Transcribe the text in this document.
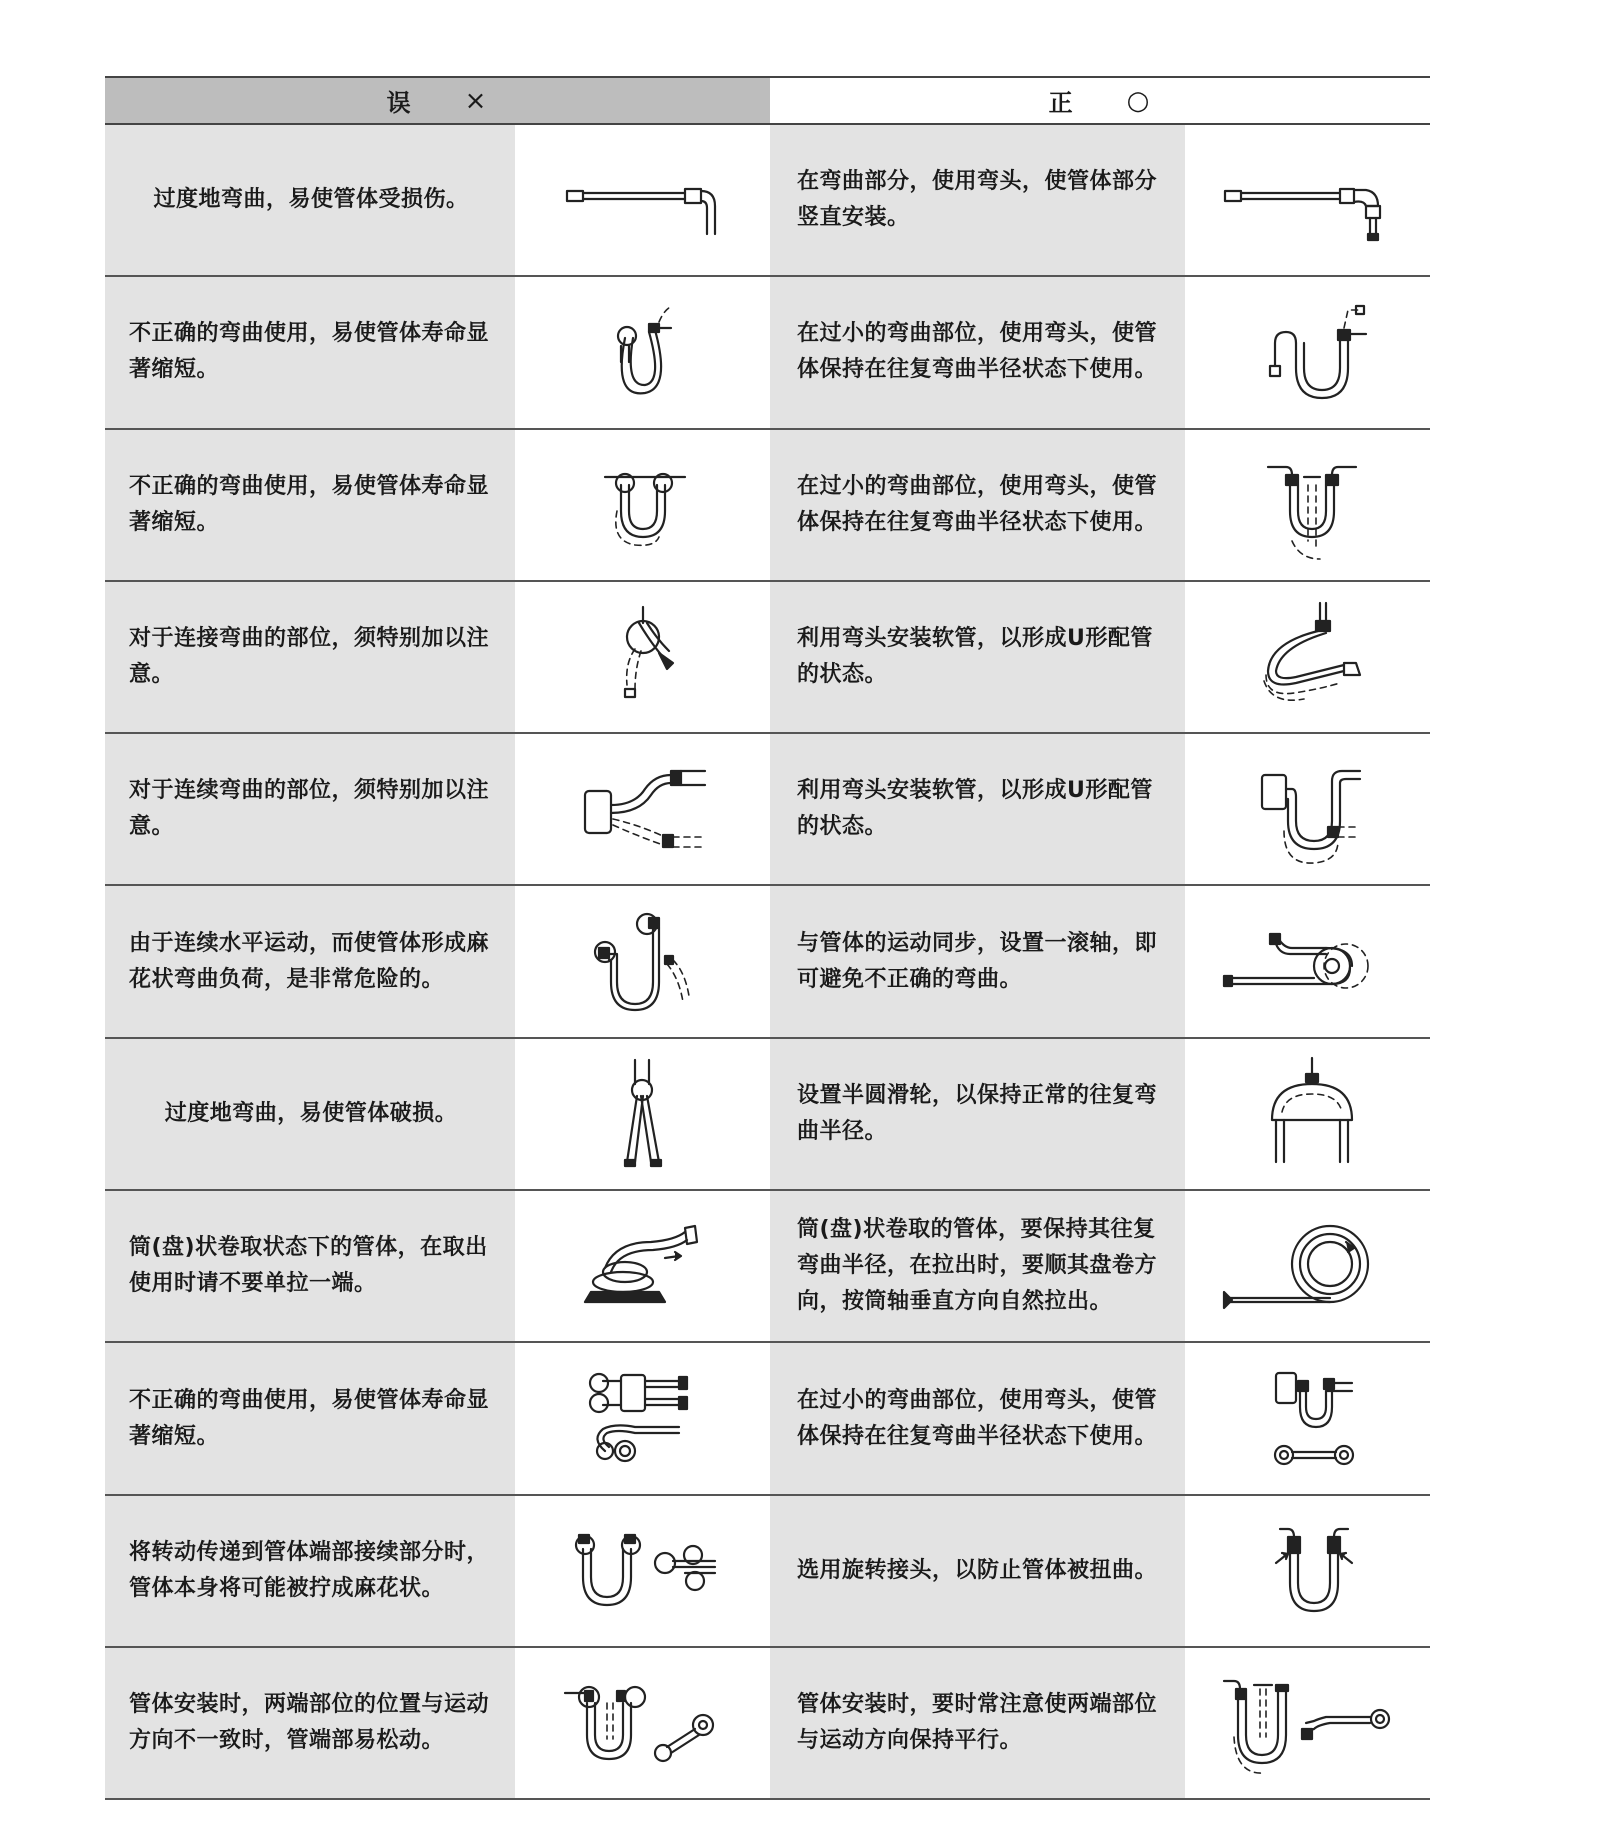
误 ×	正 ○
过度地弯曲，易使管体受损伤。
在弯曲部分，使用弯头，使管体部分竖直安装。
不正确的弯曲使用，易使管体寿命显著缩短。
在过小的弯曲部位，使用弯头，使管体保持在往复弯曲半径状态下使用。
不正确的弯曲使用，易使管体寿命显著缩短。
在过小的弯曲部位，使用弯头，使管体保持在往复弯曲半径状态下使用。
对于连接弯曲的部位，须特别加以注意。
利用弯头安装软管，以形成U形配管的状态。
对于连续弯曲的部位，须特别加以注意。
利用弯头安装软管，以形成U形配管的状态。
由于连续水平运动，而使管体形成麻花状弯曲负荷，是非常危险的。
与管体的运动同步，设置一滚轴，即可避免不正确的弯曲。
过度地弯曲，易使管体破损。
设置半圆滑轮，以保持正常的往复弯曲半径。
筒(盘)状卷取状态下的管体，在取出使用时请不要单拉一端。
筒(盘)状卷取的管体，要保持其往复弯曲半径，在拉出时，要顺其盘卷方向，按筒轴垂直方向自然拉出。
不正确的弯曲使用，易使管体寿命显著缩短。
在过小的弯曲部位，使用弯头，使管体保持在往复弯曲半径状态下使用。
将转动传递到管体端部接续部分时，管体本身将可能被拧成麻花状。
选用旋转接头，以防止管体被扭曲。
管体安装时，两端部位的位置与运动方向不一致时，管端部易松动。
管体安装时，要时常注意使两端部位与运动方向保持平行。
